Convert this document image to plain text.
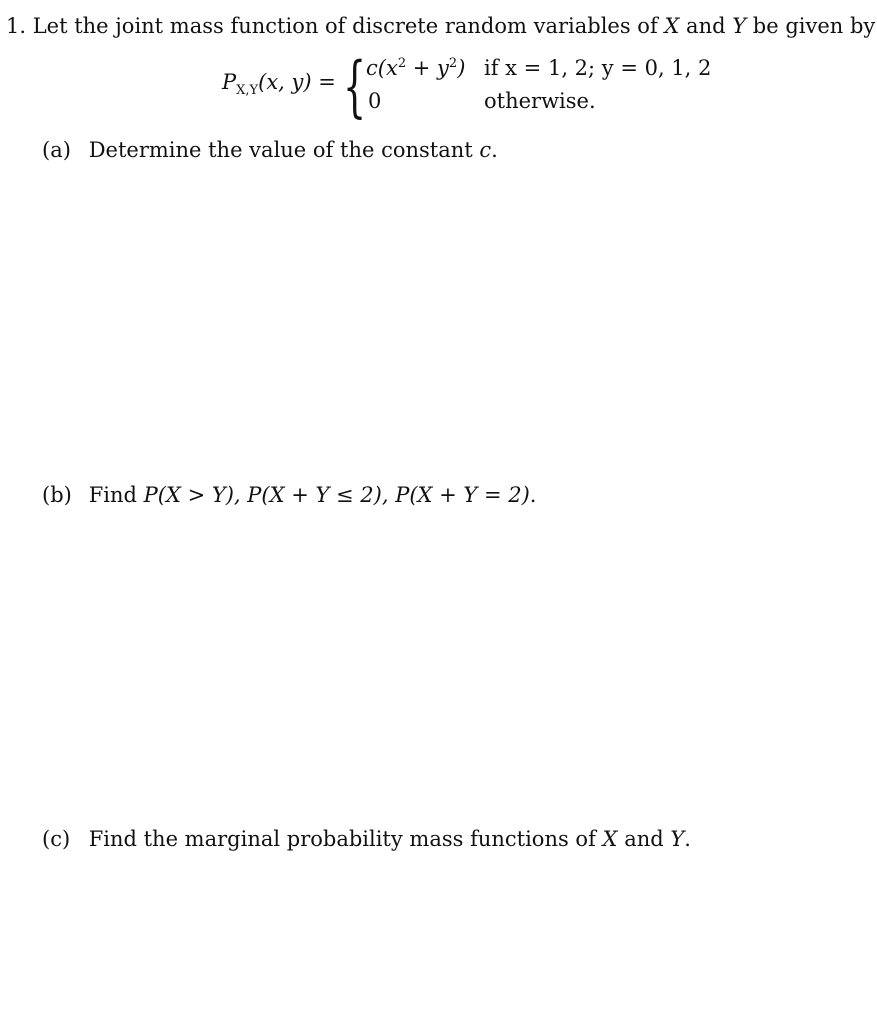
1. Let the joint mass function of discrete random variables of X and Y be given by
$P_{X,Y}(x$, y) = { $c(x^2 + y^2)$ if x = 1, 2; y = 0, 1, 2
0	otherwise.
(a) Determine the value of the constant c.
(b) Find P(X > Y), P(X + Y ≤ 2), P(X + Y = 2).
(c) Find the marginal probability mass functions of X and Y.
